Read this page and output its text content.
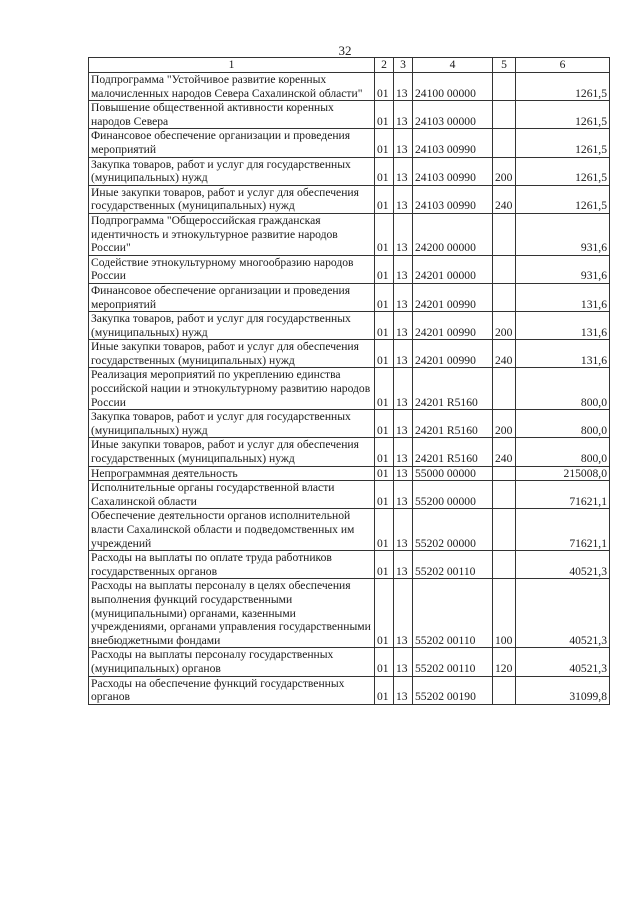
32
1	2	3	4	5	6
Подпрограмма "Устойчивое развитие коренных малочисленных народов Севера Сахалинской области"	01	13	24100 00000		1261,5
Повышение общественной активности коренных народов Севера	01	13	24103 00000		1261,5
Финансовое обеспечение организации и проведения мероприятий	01	13	24103 00990		1261,5
Закупка товаров, работ и услуг для государственных (муниципальных) нужд	01	13	24103 00990	200	1261,5
Иные закупки товаров, работ и услуг для обеспечения государственных (муниципальных) нужд	01	13	24103 00990	240	1261,5
Подпрограмма "Общероссийская гражданская идентичность и этнокультурное развитие народов России"	01	13	24200 00000		931,6
Содействие этнокультурному многообразию народов России	01	13	24201 00000		931,6
Финансовое обеспечение организации и проведения мероприятий	01	13	24201 00990		131,6
Закупка товаров, работ и услуг для государственных (муниципальных) нужд	01	13	24201 00990	200	131,6
Иные закупки товаров, работ и услуг для обеспечения государственных (муниципальных) нужд	01	13	24201 00990	240	131,6
Реализация мероприятий по укреплению единства российской нации и этнокультурному развитию народов России	01	13	24201 R5160		800,0
Закупка товаров, работ и услуг для государственных (муниципальных) нужд	01	13	24201 R5160	200	800,0
Иные закупки товаров, работ и услуг для обеспечения государственных (муниципальных) нужд	01	13	24201 R5160	240	800,0
Непрограммная деятельность	01	13	55000 00000		215008,0
Исполнительные органы государственной власти Сахалинской области	01	13	55200 00000		71621,1
Обеспечение деятельности органов исполнительной власти Сахалинской области и подведомственных им учреждений	01	13	55202 00000		71621,1
Расходы на выплаты по оплате труда работников государственных органов	01	13	55202 00110		40521,3
Расходы на выплаты персоналу в целях обеспечения выполнения функций государственными (муниципальными) органами, казенными учреждениями, органами управления государственными внебюджетными фондами	01	13	55202 00110	100	40521,3
Расходы на выплаты персоналу государственных (муниципальных) органов	01	13	55202 00110	120	40521,3
Расходы на обеспечение функций государственных органов	01	13	55202 00190		31099,8
